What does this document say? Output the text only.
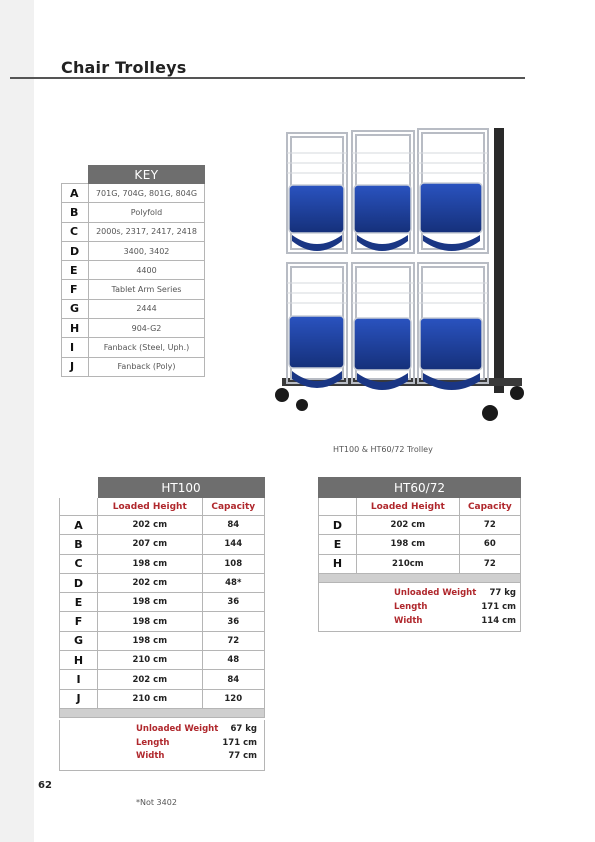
Chair Trolleys
	KEY
A	701G, 704G, 801G, 804G
B	Polyfold
C	2000s, 2317, 2417, 2418
D	3400, 3402
E	4400
F	Tablet Arm Series
G	2444
H	904-G2
I	Fanback (Steel, Uph.)
J	Fanback (Poly)
HT100 & HT60/72 Trolley
	HT100	
	Loaded Height	Capacity
A	202 cm	84
B	207 cm	144
C	198 cm	108
D	202 cm	48*
E	198 cm	36
F	198 cm	36
G	198 cm	72
H	210 cm	48
I	202 cm	84
J	210 cm	120

Unloaded Weight	67 kg
Length	171 cm
Width	77 cm
HT60/72		
	Loaded Height	Capacity
D	202 cm	72
E	198 cm	60
H	210cm	72

Unloaded Weight	77 kg
Length	171 cm
Width	114 cm
62
*Not 3402
